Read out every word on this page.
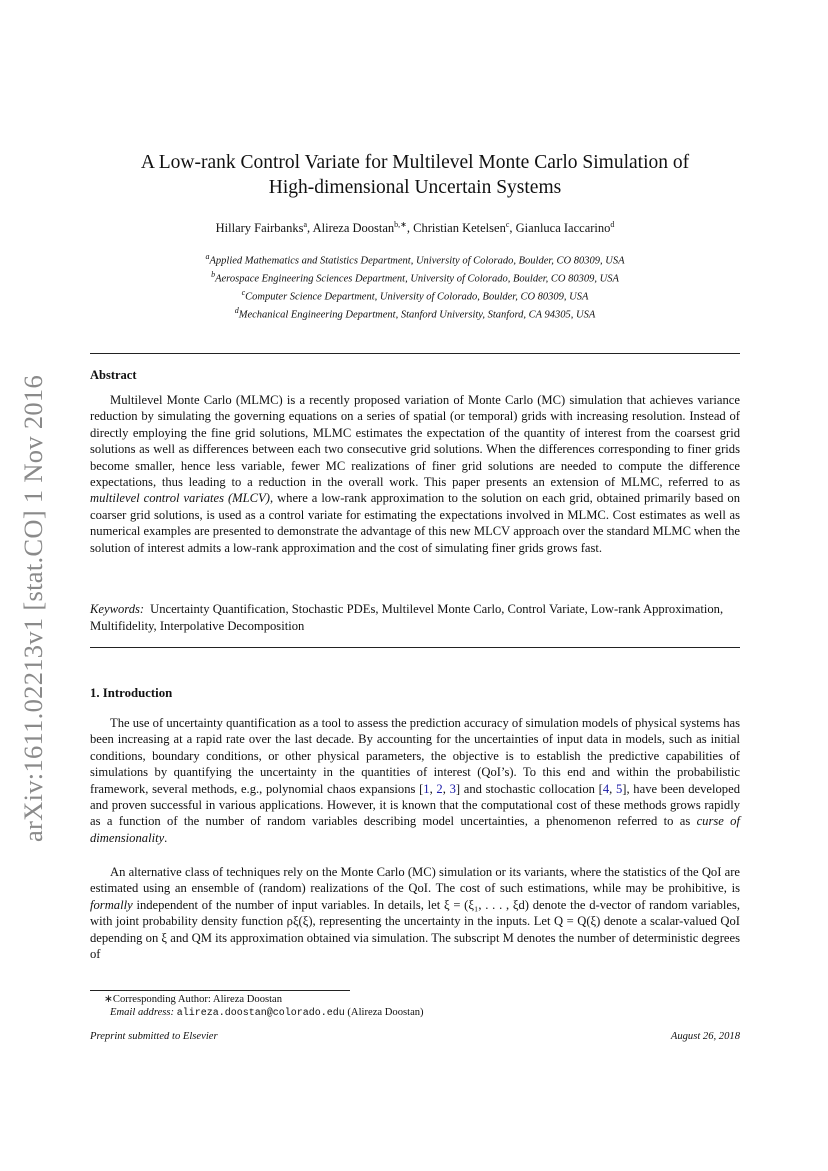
arXiv:1611.02213v1 [stat.CO] 1 Nov 2016
A Low-rank Control Variate for Multilevel Monte Carlo Simulation of
High-dimensional Uncertain Systems
Hillary Fairbanks$^a$, Alireza Doostan$^{b,∗}$, Christian Ketelsen$^c$, Gianluca Iaccarino$^d$
$^a$Applied Mathematics and Statistics Department, University of Colorado, Boulder, CO 80309, USA
$^b$Aerospace Engineering Sciences Department, University of Colorado, Boulder, CO 80309, USA
$^c$Computer Science Department, University of Colorado, Boulder, CO 80309, USA
$^d$Mechanical Engineering Department, Stanford University, Stanford, CA 94305, USA
Abstract
Multilevel Monte Carlo (MLMC) is a recently proposed variation of Monte Carlo (MC) simulation that achieves variance reduction by simulating the governing equations on a series of spatial (or temporal) grids with increasing resolution. Instead of directly employing the fine grid solutions, MLMC estimates the expectation of the quantity of interest from the coarsest grid solutions as well as differences between each two consecutive grid solutions. When the differences corresponding to finer grids become smaller, hence less variable, fewer MC realizations of finer grid solutions are needed to compute the difference expectations, thus leading to a reduction in the overall work. This paper presents an extension of MLMC, referred to as multilevel control variates (MLCV), where a low-rank approximation to the solution on each grid, obtained primarily based on coarser grid solutions, is used as a control variate for estimating the expectations involved in MLMC. Cost estimates as well as numerical examples are presented to demonstrate the advantage of this new MLCV approach over the standard MLMC when the solution of interest admits a low-rank approximation and the cost of simulating finer grids grows fast.
Keywords: Uncertainty Quantification, Stochastic PDEs, Multilevel Monte Carlo, Control Variate, Low-rank Approximation, Multifidelity, Interpolative Decomposition
1. Introduction
The use of uncertainty quantification as a tool to assess the prediction accuracy of simulation models of physical systems has been increasing at a rapid rate over the last decade. By accounting for the uncertainties of input data in models, such as initial conditions, boundary conditions, or other physical parameters, the objective is to establish the predictive capabilities of simulations by quantifying the uncertainty in the quantities of interest (QoI’s). To this end and within the probabilistic framework, several methods, e.g., polynomial chaos expansions [1, 2, 3] and stochastic collocation [4, 5], have been developed and proven successful in various applications. However, it is known that the computational cost of these methods grows rapidly as a function of the number of random variables describing model uncertainties, a phenomenon referred to as curse of dimensionality.
An alternative class of techniques rely on the Monte Carlo (MC) simulation or its variants, where the statistics of the QoI are estimated using an ensemble of (random) realizations of the QoI. The cost of such estimations, while may be prohibitive, is formally independent of the number of input variables. In details, let ξ = (ξ₁, . . . , ξd) denote the d-vector of random variables, with joint probability density function ρξ(ξ), representing the uncertainty in the inputs. Let Q = Q(ξ) denote a scalar-valued QoI depending on ξ and QM its approximation obtained via simulation. The subscript M denotes the number of deterministic degrees of
∗Corresponding Author: Alireza Doostan
Email address: alireza.doostan@colorado.edu (Alireza Doostan)
Preprint submitted to Elsevier	August 26, 2018
